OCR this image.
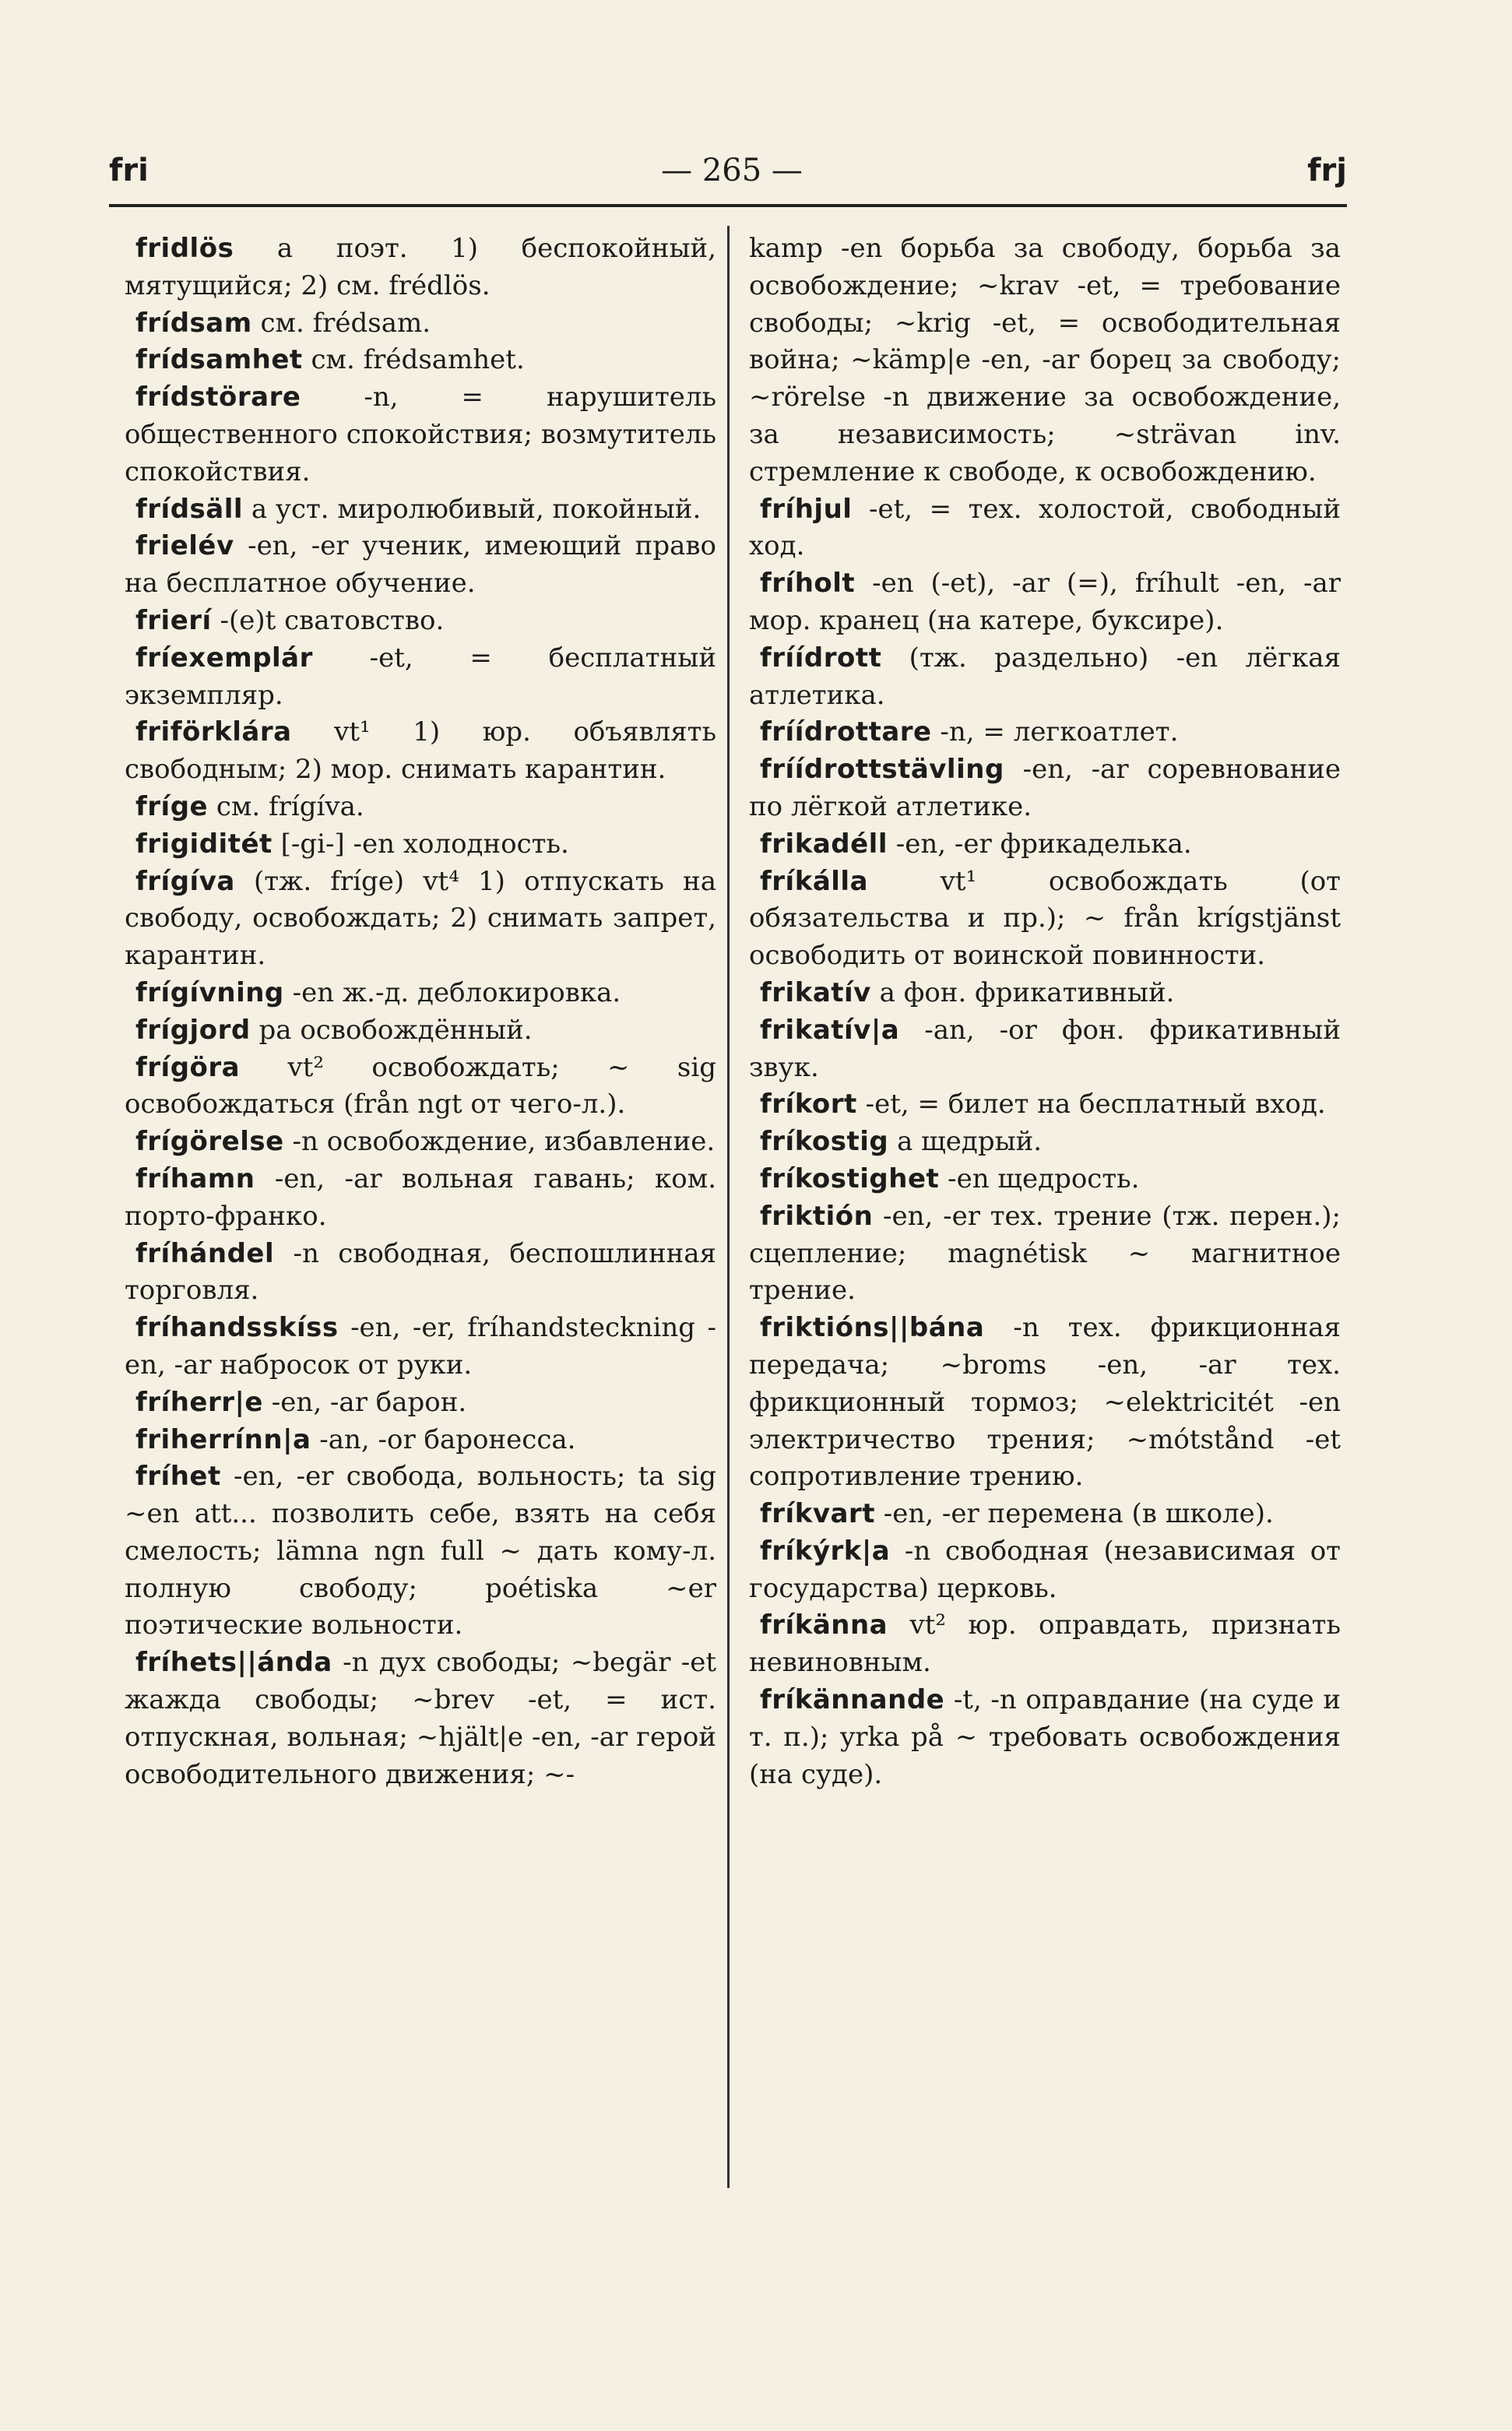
fri	— 265 —	frj

fridlös a поэт. 1) беспокойный, мятущийся; 2) см. frédlös.

frídsam см. frédsam.

frídsamhet см. frédsamhet.

frídstörare -n, = нарушитель общественного спокойствия; возмутитель спокойствия.

frídsäll a уст. миролюбивый, покойный.

frielév -en, -er ученик, имеющий право на бесплатное обучение.

frierí -(e)t сватовство.

fríexemplár -et, = бесплатный экземпляр.

friförklára vt¹ 1) юр. объявлять свободным; 2) мор. снимать карантин.

fríge см. frígíva.

frigiditét [-gi-] -en холодность.

frígíva (тж. fríge) vt⁴ 1) отпускать на свободу, освобождать; 2) снимать запрет, карантин.

frígívning -en ж.-д. деблокировка.

frígjord pa освобождённый.

frígöra vt² освобождать; ~ sig освобождаться (från ngt от чего-л.).

frígörelse -n освобождение, избавление.

fríhamn -en, -ar вольная гавань; ком. порто-франко.

fríhándel -n свободная, беспошлинная торговля.

fríhandsskíss -en, -er, fríhandsteckning -en, -ar набросок от руки.

fríherr|e -en, -ar барон.

friherrínn|a -an, -or баронесса.

fríhet -en, -er свобода, вольность; ta sig ~en att... позволить себе, взять на себя смелость; lämna ngn full ~ дать кому-л. полную свободу; poétiska ~er поэтические вольности.

fríhets||ánda -n дух свободы; ~begär -et жажда свободы; ~brev -et, = ист. отпускная, вольная; ~hjält|e -en, -ar герой освободительного движения; ~-

kamp -en борьба за свободу, борьба за освобождение; ~krav -et, = требование свободы; ~krig -et, = освободительная война; ~kämp|e -en, -ar борец за свободу; ~rörelse -n движение за освобождение, за независимость; ~strävan inv. стремление к свободе, к освобождению.

fríhjul -et, = тех. холостой, свободный ход.

fríholt -en (-et), -ar (=), fríhult -en, -ar мор. кранец (на катере, буксире).

fríídrott (тж. раздельно) -en лёгкая атлетика.

fríídrottare -n, = легкоатлет.

fríídrottstävling -en, -ar соревнование по лёгкой атлетике.

frikadéll -en, -er фрикаделька.

fríkálla vt¹ освобождать (от обязательства и пр.); ~ från krígstjänst освободить от воинской повинности.

frikatív a фон. фрикативный.

frikatív|a -an, -or фон. фрикативный звук.

fríkort -et, = билет на бесплатный вход.

fríkostig a щедрый.

fríkostighet -en щедрость.

friktión -en, -er тех. трение (тж. перен.); сцепление; magnétisk ~ магнитное трение.

friktións||bána -n тех. фрикционная передача; ~broms -en, -ar тех. фрикционный тормоз; ~elektricitét -en электричество трения; ~mótstånd -et сопротивление трению.

fríkvart -en, -er перемена (в школе).

fríkýrk|a -n свободная (независимая от государства) церковь.

fríkänna vt² юр. оправдать, признать невиновным.

fríkännande -t, -n оправдание (на суде и т. п.); yrka på ~ требовать освобождения (на суде).
